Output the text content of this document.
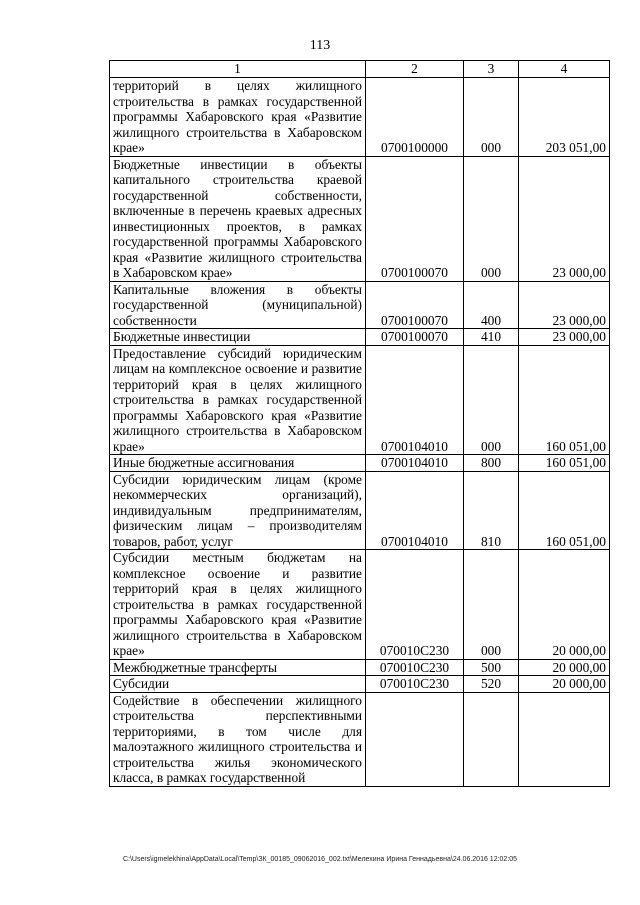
113
1	2	3	4
территорий в целях жилищного строительства в рамках государственной программы Хабаровского края «Развитие жилищного строительства в Хабаровском крае»	0700100000	000	203 051,00
Бюджетные инвестиции в объекты капитального строительства краевой государственной собственности, включенные в перечень краевых адресных инвестиционных проектов, в рамках государственной программы Хабаровского края «Развитие жилищного строительства в Хабаровском крае»	0700100070	000	23 000,00
Капитальные вложения в объекты государственной (муниципальной) собственности	0700100070	400	23 000,00
Бюджетные инвестиции	0700100070	410	23 000,00
Предоставление субсидий юридическим лицам на комплексное освоение и развитие территорий края в целях жилищного строительства в рамках государственной программы Хабаровского края «Развитие жилищного строительства в Хабаровском крае»	0700104010	000	160 051,00
Иные бюджетные ассигнования	0700104010	800	160 051,00
Субсидии юридическим лицам (кроме некоммерческих организаций), индивидуальным предпринимателям, физическим лицам – производителям товаров, работ, услуг	0700104010	810	160 051,00
Субсидии местным бюджетам на комплексное освоение и развитие территорий края в целях жилищного строительства в рамках государственной программы Хабаровского края «Развитие жилищного строительства в Хабаровском крае»	070010С230	000	20 000,00
Межбюджетные трансферты	070010С230	500	20 000,00
Субсидии	070010С230	520	20 000,00
Содействие в обеспечении жилищного строительства перспективными территориями, в том числе для малоэтажного жилищного строительства и строительства жилья экономического класса, в рамках государственной			
C:\Users\igmelekhina\AppData\Local\Temp\ЗК_00185_09062016_002.txt\Мелехина Ирина Геннадьевна\24.06.2016 12:02:05
